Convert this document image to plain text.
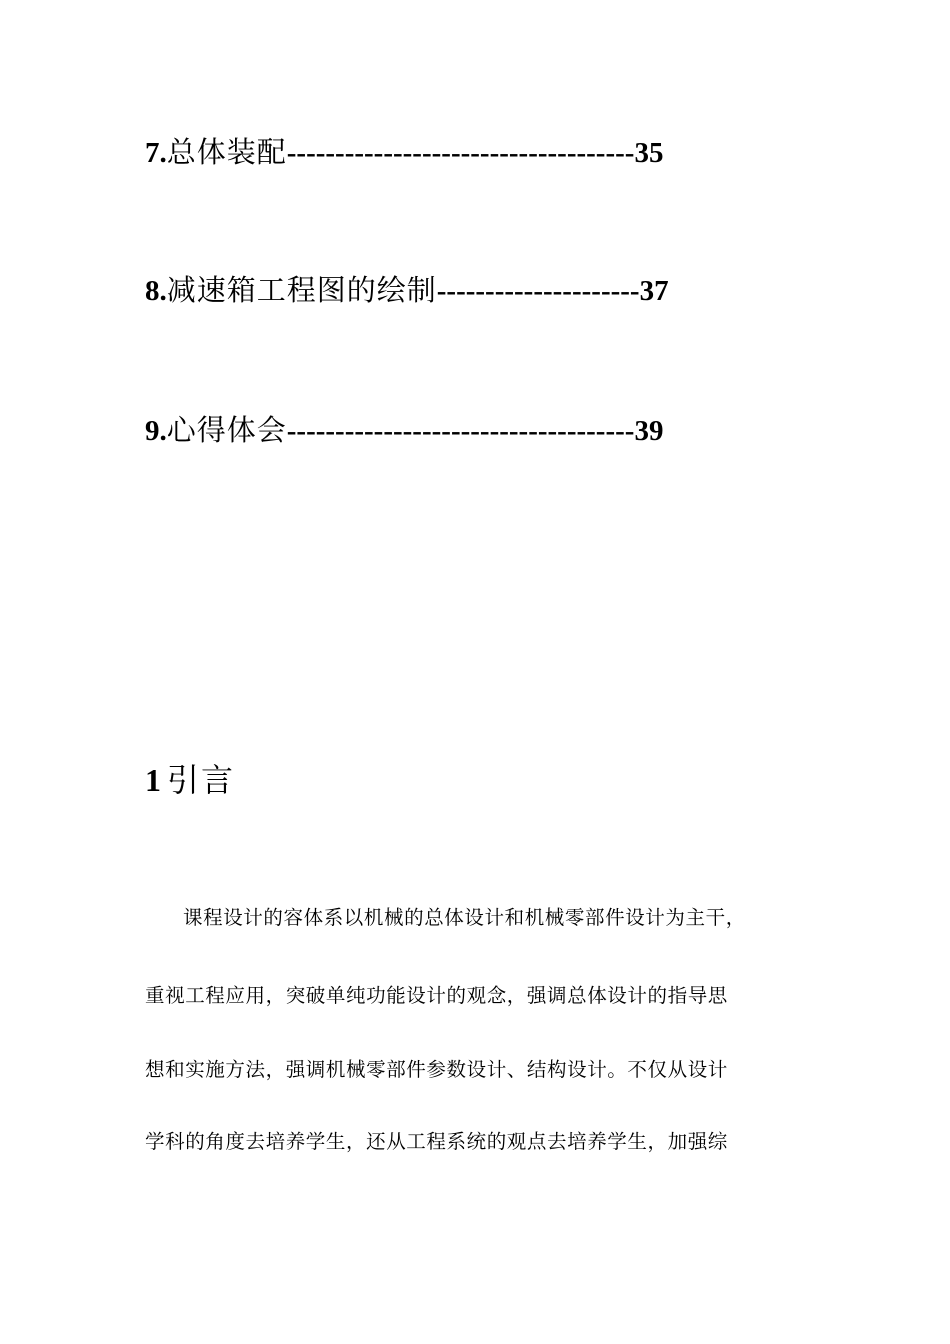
7.总体装配------------------------------------35
8.减速箱工程图的绘制---------------------37
9.心得体会------------------------------------39
1 引言
课程设计的容体系以机械的总体设计和机械零部件设计为主干，
重视工程应用，突破单纯功能设计的观念，强调总体设计的指导思
想和实施方法，强调机械零部件参数设计、结构设计。不仅从设计
学科的角度去培养学生，还从工程系统的观点去培养学生，加强综
